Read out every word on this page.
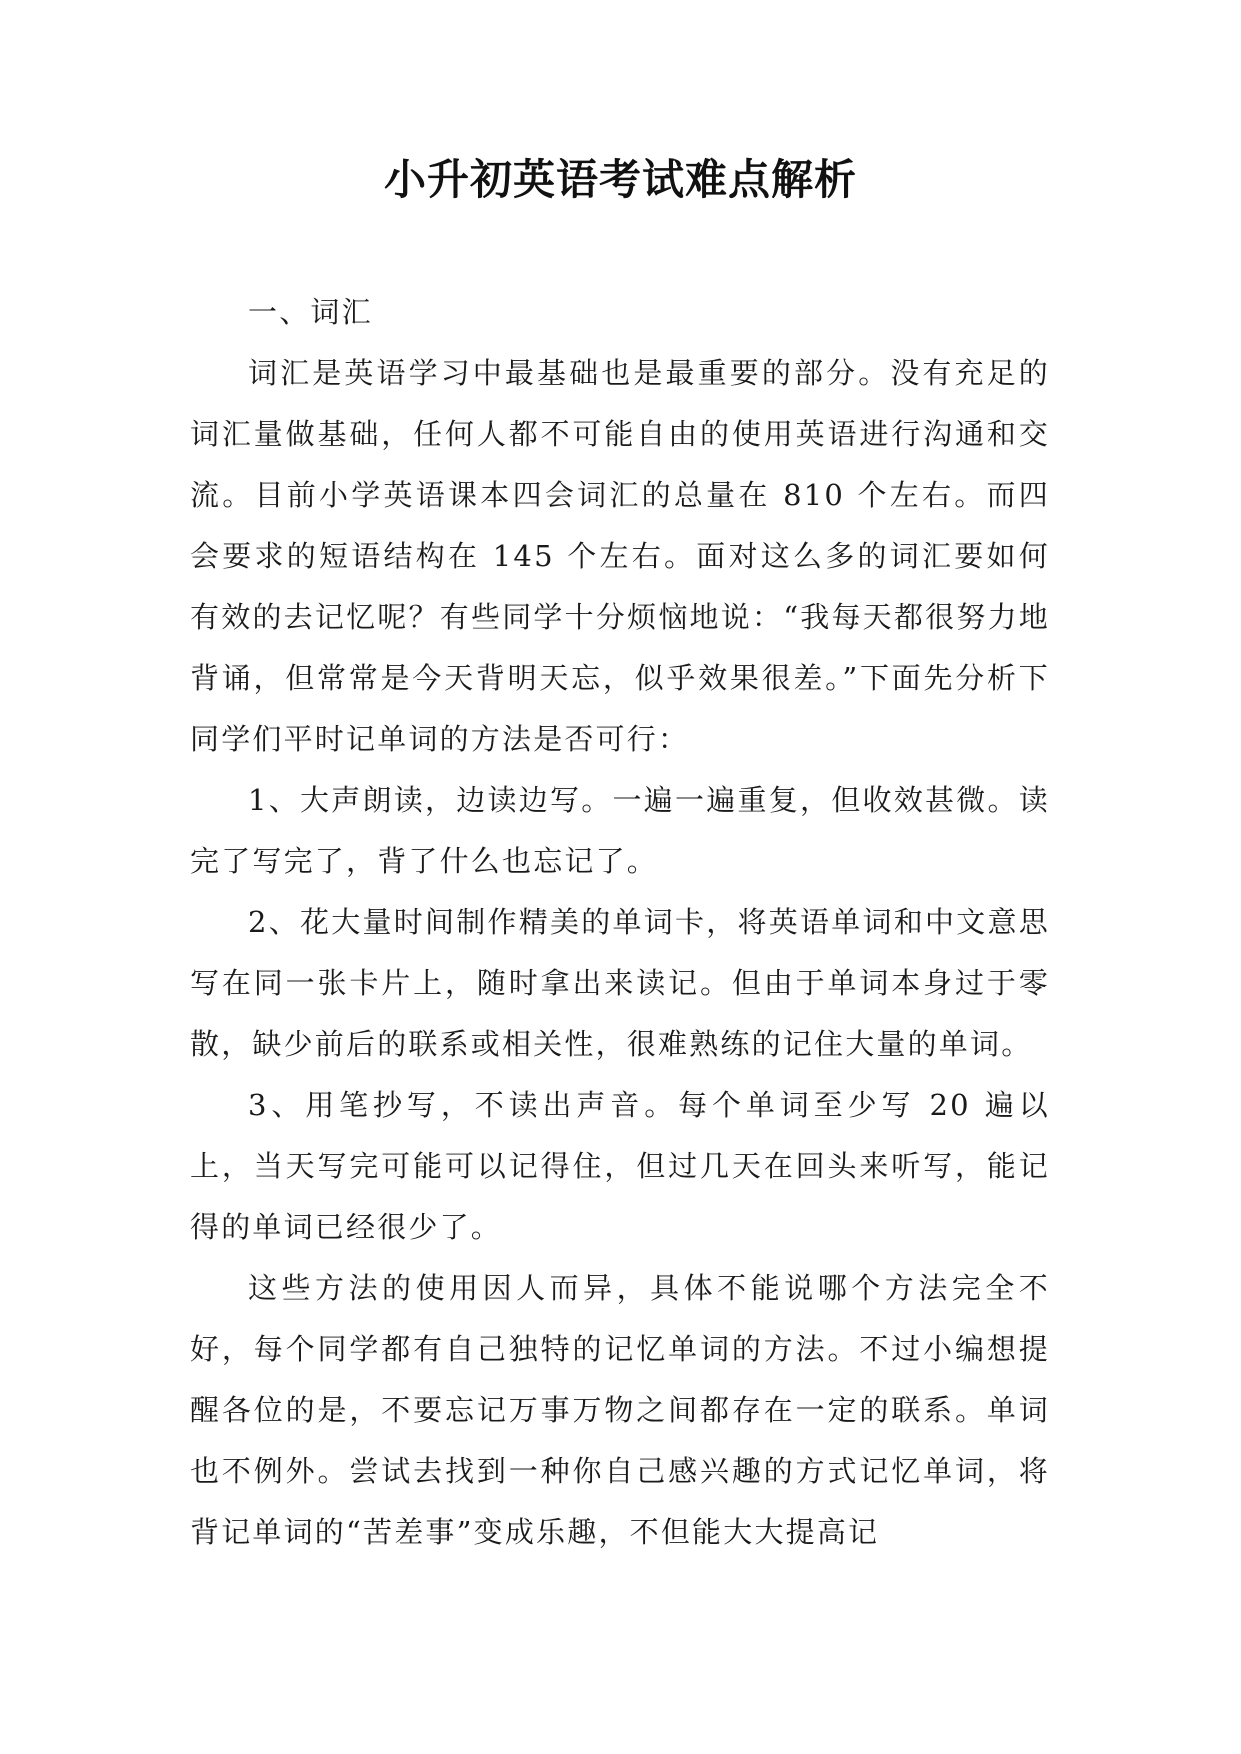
小升初英语考试难点解析

一、词汇

词汇是英语学习中最基础也是最重要的部分。没有充足的词汇量做基础，任何人都不可能自由的使用英语进行沟通和交流。目前小学英语课本四会词汇的总量在 810 个左右。而四会要求的短语结构在 145 个左右。面对这么多的词汇要如何有效的去记忆呢？有些同学十分烦恼地说：“我每天都很努力地背诵，但常常是今天背明天忘，似乎效果很差。”下面先分析下同学们平时记单词的方法是否可行：

1、大声朗读，边读边写。一遍一遍重复，但收效甚微。读完了写完了，背了什么也忘记了。

2、花大量时间制作精美的单词卡，将英语单词和中文意思写在同一张卡片上，随时拿出来读记。但由于单词本身过于零散，缺少前后的联系或相关性，很难熟练的记住大量的单词。

3、用笔抄写，不读出声音。每个单词至少写 20 遍以上，当天写完可能可以记得住，但过几天在回头来听写，能记得的单词已经很少了。

这些方法的使用因人而异，具体不能说哪个方法完全不好，每个同学都有自己独特的记忆单词的方法。不过小编想提醒各位的是，不要忘记万事万物之间都存在一定的联系。单词也不例外。尝试去找到一种你自己感兴趣的方式记忆单词，将背记单词的“苦差事”变成乐趣，不但能大大提高记
